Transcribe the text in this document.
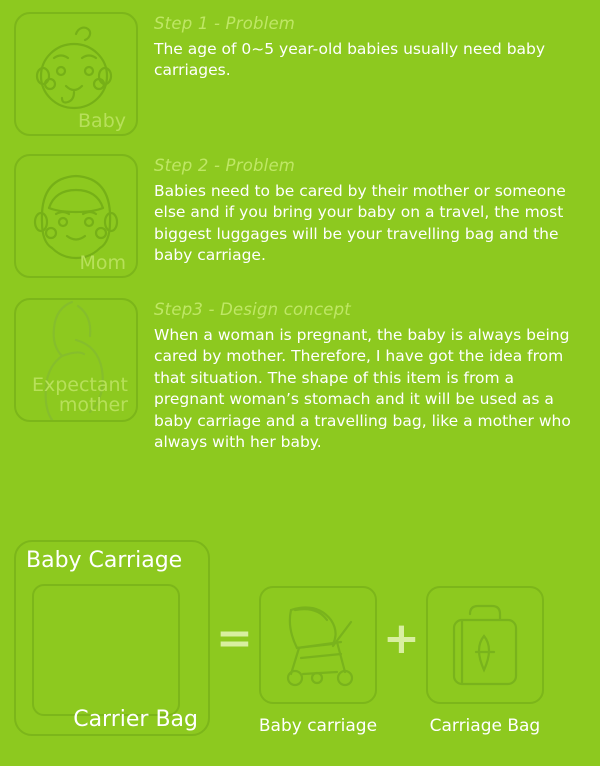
Baby

Step 1 - Problem

The age of 0~5 year-old babies usually need baby carriages.

Mom

Step 2 - Problem

Babies need to be cared by their mother or someone else and if you bring your baby on a travel, the most biggest luggages will be your travelling bag and the baby carriage.

Expectant
mother

Step3 - Design concept

When a woman is pregnant, the baby is always being cared by mother. Therefore, I have got the idea from that situation. The shape of this item is from a pregnant woman’s stomach and it will be used as a baby carriage and a travelling bag, like a mother who always with her baby.

Baby Carriage
Carrier Bag
=
Baby carriage
+
Carriage Bag
